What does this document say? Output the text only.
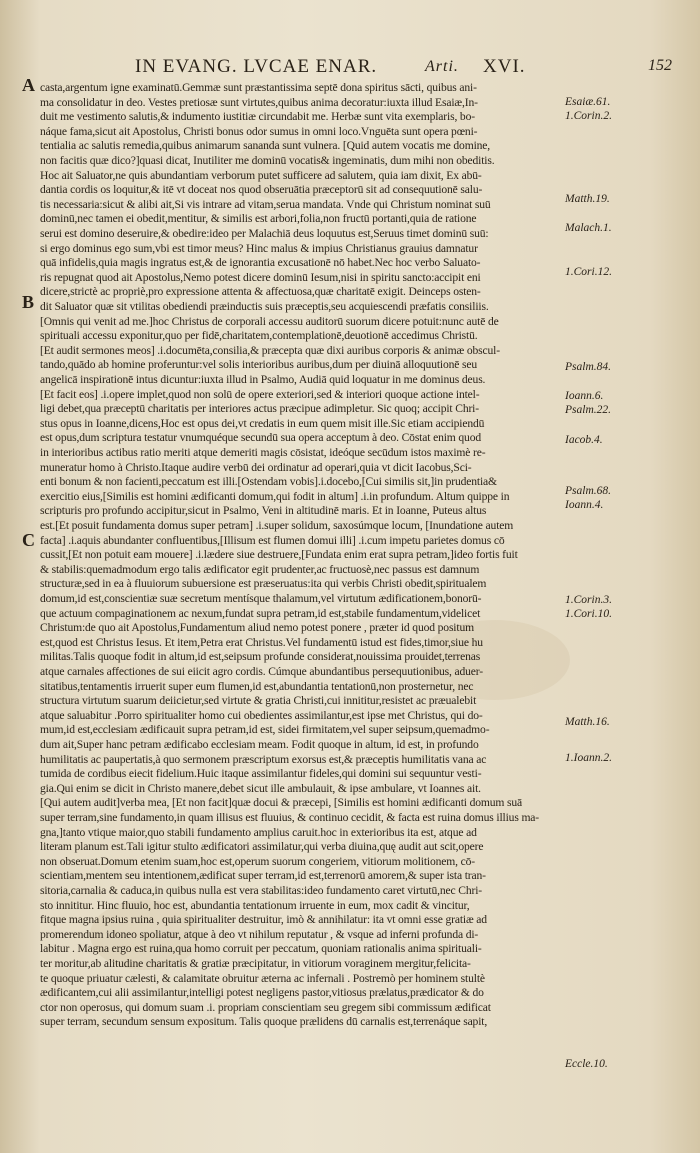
IN EVANG. LVCAE ENAR.	Arti. XVI.	152
A
B
C
casta,argentum igne examinatū.Gemmæ sunt præstantissima septē dona spiritus sācti, quibus ani-
ma consolidatur in deo. Vestes pretiosæ sunt virtutes,quibus anima decoratur:iuxta illud Esaiæ,In-
duit me vestimento salutis,& indumento iustitiæ circundabit me. Herbæ sunt vita exemplaris, bo-
náque fama,sicut ait Apostolus, Christi bonus odor sumus in omni loco.Vnguēta sunt opera pœni-
tentialia ac salutis remedia,quibus animarum sananda sunt vulnera. [Quid autem vocatis me domine,
non facitis quæ dico?]quasi dicat, Inutiliter me dominū vocatis& ingeminatis, dum mihi non obeditis.
Hoc ait Saluator,ne quis abundantiam verborum putet sufficere ad salutem, quia iam dixit, Ex abū-
dantia cordis os loquitur,& itē vt doceat nos quod obseruātia præceptorū sit ad consequutionē salu-
tis necessaria:sicut & alibi ait,Si vis intrare ad vitam,serua mandata. Vnde qui Christum nominat suū
dominū,nec tamen ei obedit,mentitur, & similis est arbori,folia,non fructū portanti,quia de ratione
serui est domino deseruire,& obedire:ideo per Malachiā deus loquutus est,Seruus timet dominū suū:
si ergo dominus ego sum,vbi est timor meus? Hinc malus & impius Christianus grauius damnatur
quā infidelis,quia magis ingratus est,& de ignorantia excusationē nō habet.Nec hoc verbo Saluato-
ris repugnat quod ait Apostolus,Nemo potest dicere dominū Iesum,nisi in spiritu sancto:accipit eni
dicere,strictè ac propriè,pro expressione attenta & affectuosa,quæ charitatē exigit. Deinceps osten-
dit Saluator quæ sit vtilitas obediendi præinductis suis præceptis,seu acquiescendi præfatis consiliis.
[Omnis qui venit ad me.]hoc Christus de corporali accessu auditorū suorum dicere potuit:nunc autē de
spirituali accessu exponitur,quo per fidē,charitatem,contemplationē,deuotionē accedimus Christū.
[Et audit sermones meos] .i.documēta,consilia,& præcepta quæ dixi auribus corporis & animæ obscul-
tando,quādo ab homine proferuntur:vel solis interioribus auribus,dum per diuinā alloquutionē seu
angelicā inspirationē intus dicuntur:iuxta illud in Psalmo, Audiā quid loquatur in me dominus deus.
[Et facit eos] .i.opere implet,quod non solū de opere exteriori,sed & interiori quoque actione intel-
ligi debet,qua præceptū charitatis per interiores actus præcipue adimpletur. Sic quoq; accipit Chri-
stus opus in Ioanne,dicens,Hoc est opus dei,vt credatis in eum quem misit ille.Sic etiam accipiendū
est opus,dum scriptura testatur vnumquéque secundū sua opera acceptum à deo. Cōstat enim quod
in interioribus actibus ratio meriti atque demeriti magis cōsistat, ideóque secūdum istos maximè re-
muneratur homo à Christo.Itaque audire verbū dei ordinatur ad operari,quia vt dicit Iacobus,Sci-
enti bonum & non facienti,peccatum est illi.[Ostendam vobis].i.docebo,[Cui similis sit,]in prudentia&
exercitio eius,[Similis est homini ædificanti domum,qui fodit in altum] .i.in profundum. Altum quippe in
scripturis pro profundo accipitur,sicut in Psalmo, Veni in altitudinē maris. Et in Ioanne, Puteus altus
est.[Et posuit fundamenta domus super petram] .i.super solidum, saxosúmque locum, [Inundatione autem
facta] .i.aquis abundanter confluentibus,[Illisum est flumen domui illi] .i.cum impetu parietes domus cō
cussit,[Et non potuit eam mouere] .i.lædere siue destruere,[Fundata enim erat supra petram,]ideo fortis fuit
& stabilis:quemadmodum ergo talis ædificator egit prudenter,ac fructuosè,nec passus est damnum
structuræ,sed in ea à fluuiorum subuersione est præseruatus:ita qui verbis Christi obedit,spiritualem
domum,id est,conscientiæ suæ secretum mentísque thalamum,vel virtutum ædificationem,bonorū-
que actuum compaginationem ac nexum,fundat supra petram,id est,stabile fundamentum,videlicet
Christum:de quo ait Apostolus,Fundamentum aliud nemo potest ponere , præter id quod positum
est,quod est Christus Iesus. Et item,Petra erat Christus.Vel fundamentū istud est fides,timor,siue hu
militas.Talis quoque fodit in altum,id est,seipsum profunde considerat,nouissima prouidet,terrenas
atque carnales affectiones de sui eiicit agro cordis. Cúmque abundantibus persequutionibus, aduer-
sitatibus,tentamentis irruerit super eum flumen,id est,abundantia tentationū,non prosternetur, nec
structura virtutum suarum deiicietur,sed virtute & gratia Christi,cui innititur,resistet ac præualebit
atque saluabitur .Porro spiritualiter homo cui obedientes assimilantur,est ipse met Christus, qui do-
mum,id est,ecclesiam ædificauit supra petram,id est, sidei firmitatem,vel super seipsum,quemadmo-
dum ait,Super hanc petram ædificabo ecclesiam meam. Fodit quoque in altum, id est, in profundo
humilitatis ac paupertatis,à quo sermonem præscriptum exorsus est,& præceptis humilitatis vana ac
tumida de cordibus eiecit fidelium.Huic itaque assimilantur fideles,qui domini sui sequuntur vesti-
gia.Qui enim se dicit in Christo manere,debet sicut ille ambulauit, & ipse ambulare, vt Ioannes ait.
[Qui autem audit]verba mea, [Et non facit]quæ docui & præcepi, [Similis est homini ædificanti domum suā
super terram,sine fundamento,in quam illisus est fluuius, & continuo cecidit, & facta est ruina domus illius ma-
gna,]tanto vtique maior,quo stabili fundamento amplius caruit.hoc in exterioribus ita est, atque ad
literam planum est.Tali igitur stulto ædificatori assimilatur,qui verba diuina,quę audit aut scit,opere
non obseruat.Domum etenim suam,hoc est,operum suorum congeriem, vitiorum molitionem, cō-
scientiam,mentem seu intentionem,ædificat super terram,id est,terrenorū amorem,& super ista tran-
sitoria,carnalia & caduca,in quibus nulla est vera stabilitas:ideo fundamento caret virtutū,nec Chri-
sto innititur. Hinc fluuio, hoc est, abundantia tentationum irruente in eum, mox cadit & vincitur,
fitque magna ipsius ruina , quia spiritualiter destruitur, imò & annihilatur: ita vt omni esse gratiæ ad
promerendum idoneo spoliatur, atque à deo vt nihilum reputatur , & vsque ad inferni profunda di-
labitur . Magna ergo est ruina,qua homo corruit per peccatum, quoniam rationalis anima spirituali-
ter moritur,ab alitudine charitatis & gratiæ præcipitatur, in vitiorum voraginem mergitur,felicita-
te quoque priuatur cælesti, & calamitate obruitur æterna ac infernali . Postremò per hominem stultè
ædificantem,cui alii assimilantur,intelligi potest negligens pastor,vitiosus prælatus,prædicator & do
ctor non operosus, qui domum suam .i. propriam conscientiam seu gregem sibi commissum ædificat
super terram, secundum sensum expositum. Talis quoque prælidens dū carnalis est,terrenáque sapit,
Esaiæ.61.
1.Corin.2.
Matth.19.
Malach.1.
1.Cori.12.
Psalm.84.
Ioann.6.
Psalm.22.
Iacob.4.
Psalm.68.
Ioann.4.
1.Corin.3.
1.Cori.10.
Matth.16.
1.Ioann.2.
Eccle.10.
